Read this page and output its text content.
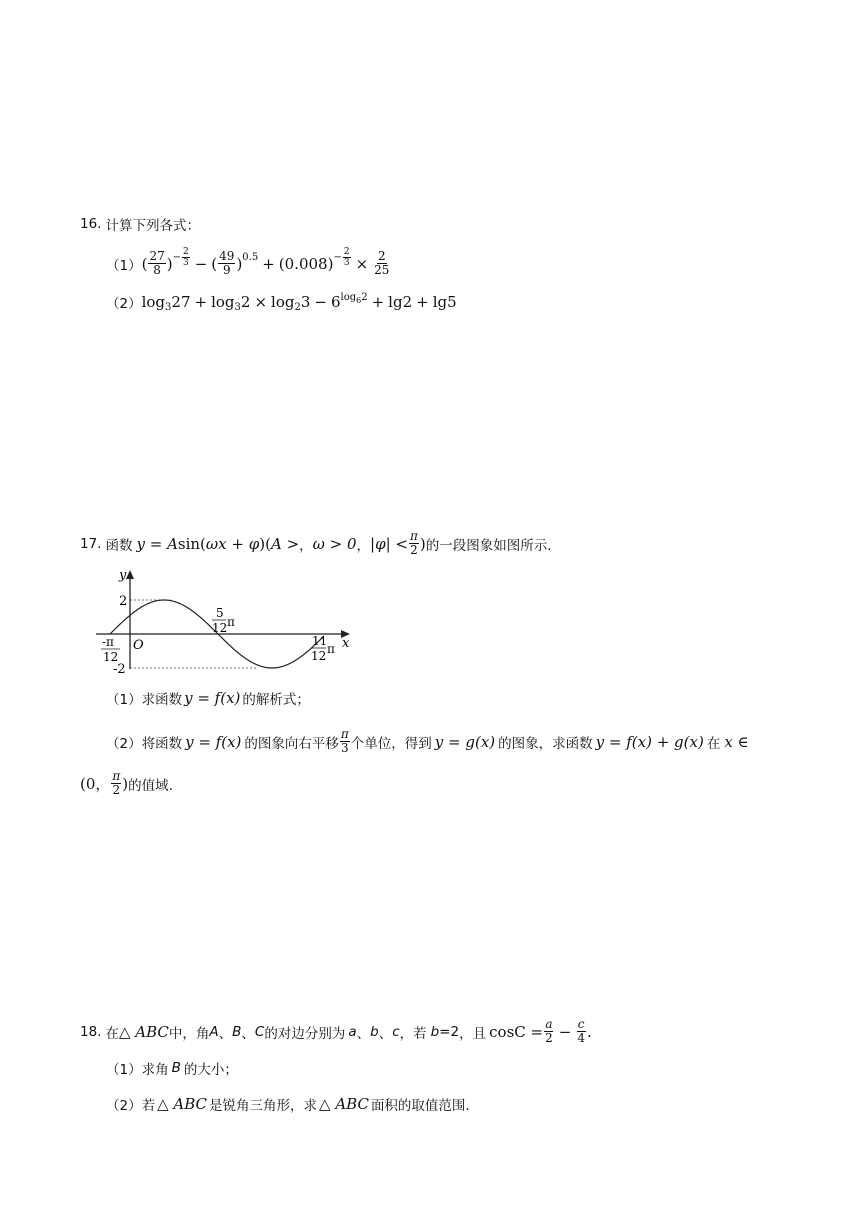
16. 计算下列各式：
（1） ( $\frac{27}{8} )^{- \frac{2}{3}}$ − ( $\frac{49}{9} )^{0.5} + (0.008)^{- \frac{2}{3}} \times \frac{2}{25}$
（2） $\log_327 + \log_32 \times \log_23 - 6$ $^{log 6 2}$ + lg2 + lg5
17. 函数 y = Asin(ωx + φ)(A > ， ω > 0 ， $|\varphi| < \frac{\pi}{2}$ ) 的一段图象如图所示.
y
x
O
2
-2
-π
12
5
12 π
11
12 π
（1） 求函数 y = f(x) 的解析式；
（2） 将函数 y = f(x) 的图象向右平移 $\frac{\pi}{3}$ 个单位，得到 y = g(x) 的图象，求函数 y = f(x) + g(x) 在 x ∈
(0， $\frac{\pi}{2}$ ) 的值域.
18. 在 △ ABC 中，角 A 、 B 、 C 的对边分别为 a 、 b 、 c ，若 b =2 ，且 $\cos C = \frac{a}{2} - \frac{c}{4}$ .
（1） 求角 B 的大小；
（2） 若 △ ABC 是锐角三角形，求 △ ABC 面积的取值范围.
